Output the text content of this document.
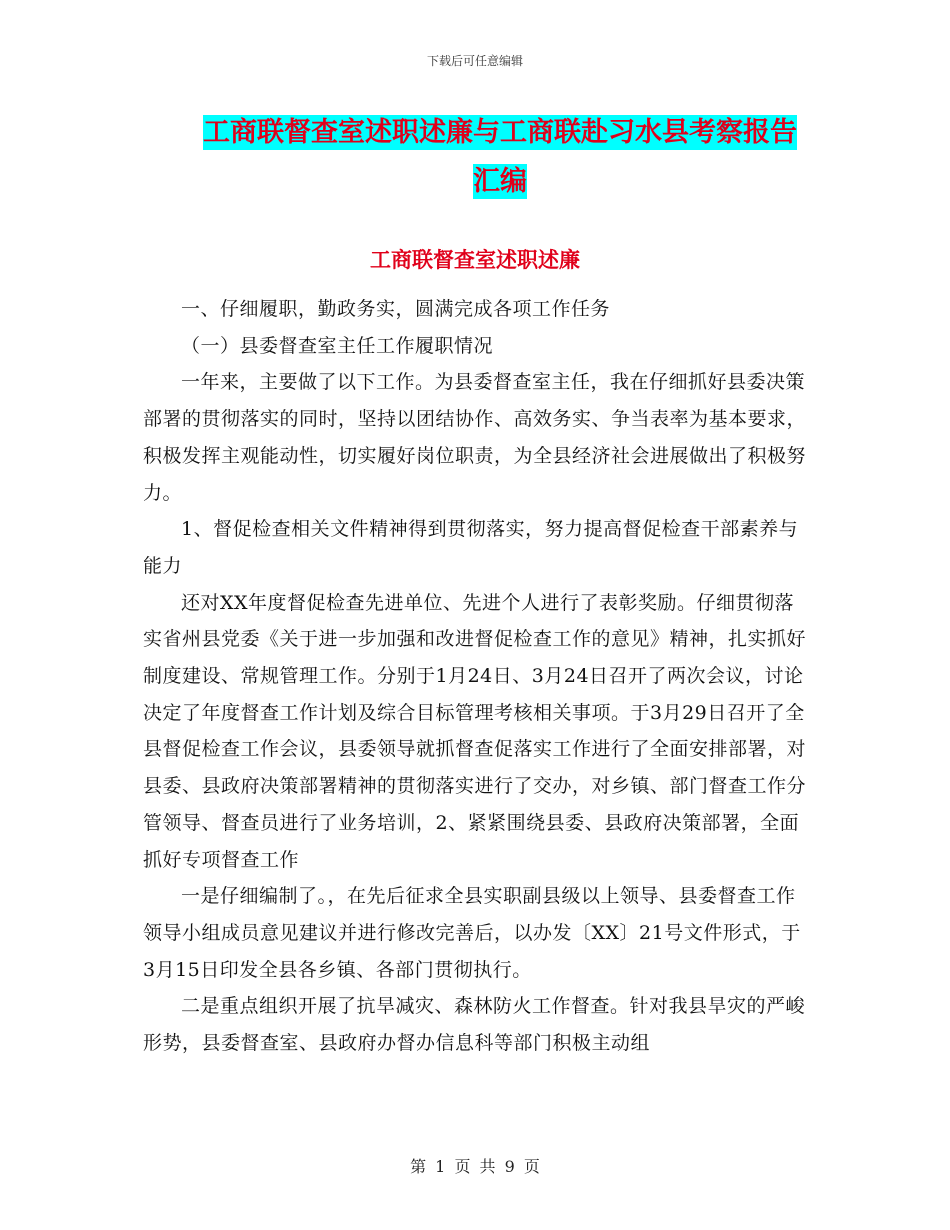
下载后可任意编辑
工商联督查室述职述廉与工商联赴习水县考察报告汇编
工商联督查室述职述廉

一、仔细履职，勤政务实，圆满完成各项工作任务

（一）县委督查室主任工作履职情况

一年来，主要做了以下工作。为县委督查室主任，我在仔细抓好县委决策部署的贯彻落实的同时，坚持以团结协作、高效务实、争当表率为基本要求，积极发挥主观能动性，切实履好岗位职责，为全县经济社会进展做出了积极努力。

1、督促检查相关文件精神得到贯彻落实，努力提高督促检查干部素养与能力

还对XX年度督促检查先进单位、先进个人进行了表彰奖励。仔细贯彻落实省州县党委《关于进一步加强和改进督促检查工作的意见》精神，扎实抓好制度建设、常规管理工作。分别于1月24日、3月24日召开了两次会议，讨论决定了年度督查工作计划及综合目标管理考核相关事项。于3月29日召开了全县督促检查工作会议，县委领导就抓督查促落实工作进行了全面安排部署，对县委、县政府决策部署精神的贯彻落实进行了交办，对乡镇、部门督查工作分管领导、督查员进行了业务培训，2、紧紧围绕县委、县政府决策部署，全面抓好专项督查工作

一是仔细编制了。，在先后征求全县实职副县级以上领导、县委督查工作领导小组成员意见建议并进行修改完善后，以办发〔XX〕21号文件形式，于3月15日印发全县各乡镇、各部门贯彻执行。

二是重点组织开展了抗旱减灾、森林防火工作督查。针对我县旱灾的严峻形势，县委督查室、县政府办督办信息科等部门积极主动组

第 1 页 共 9 页
